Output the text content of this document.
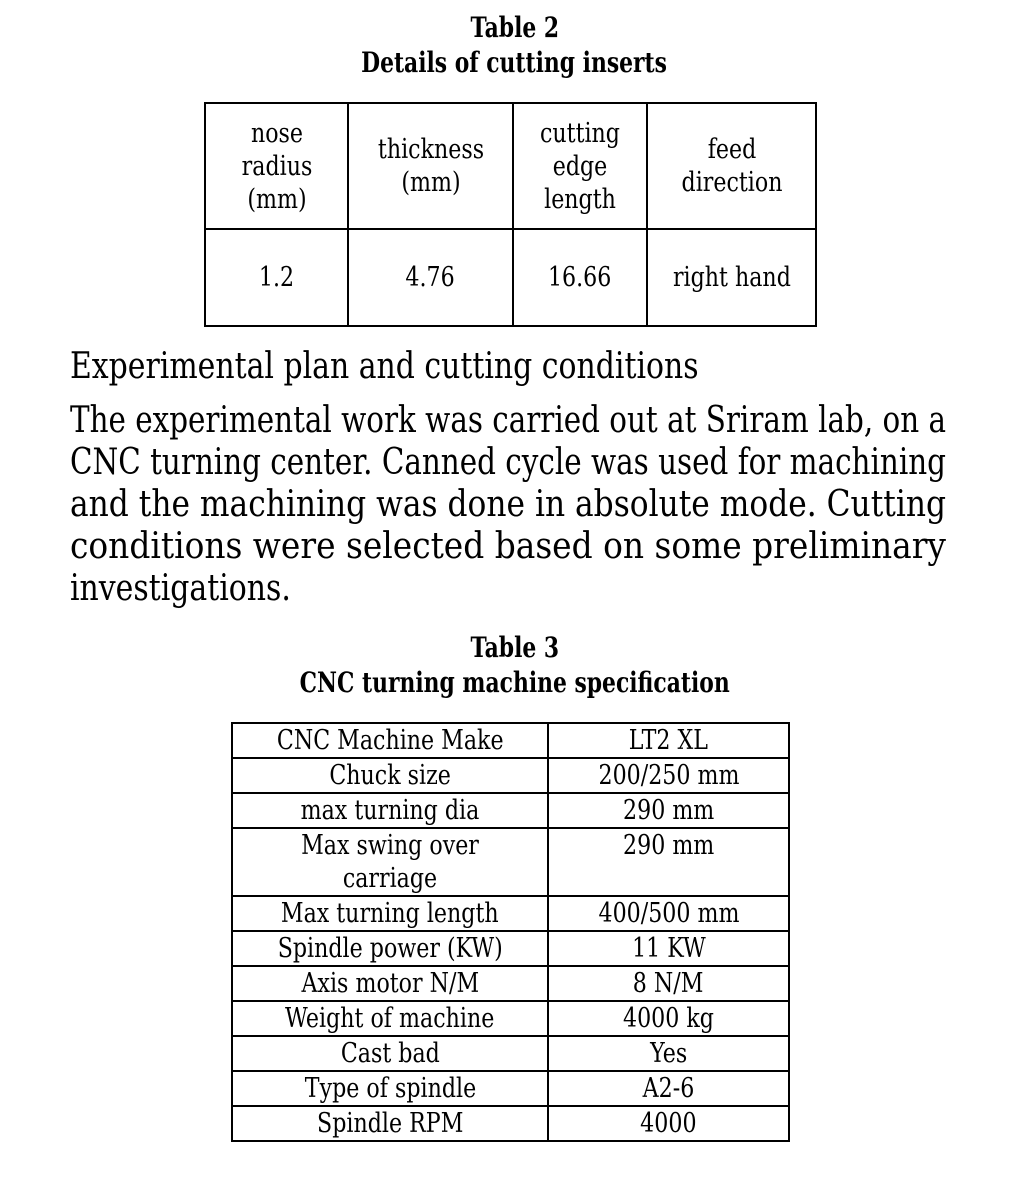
Table 2
Details of cutting inserts
nose radius (mm)	thickness (mm)	cutting edge length	feed direction
1.2	4.76	16.66	right hand
Experimental plan and cutting conditions
The experimental work was carried out at Sriram lab, on a
CNC turning center. Canned cycle was used for machining
and the machining was done in absolute mode. Cutting
conditions were selected based on some preliminary
investigations.
Table 3
CNC turning machine specification
CNC Machine Make	LT2 XL
Chuck size	200/250 mm
max turning dia	290 mm
Max swing over carriage	290 mm
Max turning length	400/500 mm
Spindle power (KW)	11 KW
Axis motor N/M	8 N/M
Weight of machine	4000 kg
Cast bad	Yes
Type of spindle	A2-6
Spindle RPM	4000
